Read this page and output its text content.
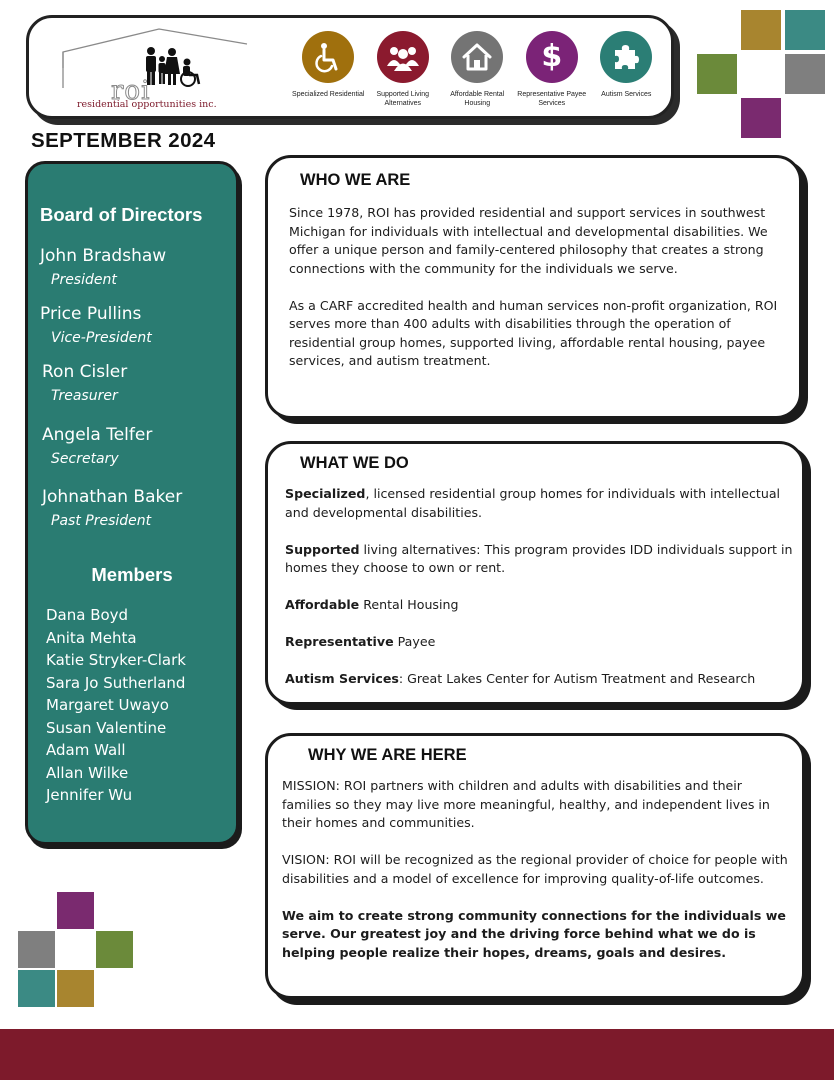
roi
residential opportunities inc.
Specialized Residential	Supported Living Alternatives
Affordable Rental Housing
$
Representative Payee Services
Autism Services
SEPTEMBER 2024
Board of Directors
John Bradshaw
President
Price Pullins
Vice-President
Ron Cisler
Treasurer
Angela Telfer
Secretary
Johnathan Baker
Past President
Members
Dana Boyd
Anita Mehta
Katie Stryker-Clark
Sara Jo Sutherland
Margaret Uwayo
Susan Valentine
Adam Wall
Allan Wilke
Jennifer Wu
WHO WE ARE

Since 1978, ROI has provided residential and support services in southwest Michigan for individuals with intellectual and developmental disabilities. We offer a unique person and family-centered philosophy that creates a strong connections with the community for the individuals we serve.

As a CARF accredited health and human services non-profit organization, ROI serves more than 400 adults with disabilities through the operation of residential group homes, supported living, affordable rental housing, payee services, and autism treatment.

WHAT WE DO

Specialized, licensed residential group homes for individuals with intellectual and developmental disabilities.

Supported living alternatives: This program provides IDD individuals support in homes they choose to own or rent.

Affordable Rental Housing

Representative Payee

Autism Services: Great Lakes Center for Autism Treatment and Research

WHY WE ARE HERE

MISSION: ROI partners with children and adults with disabilities and their families so they may live more meaningful, healthy, and independent lives in their homes and communities.

VISION: ROI will be recognized as the regional provider of choice for people with disabilities and a model of excellence for improving quality-of-life outcomes.

We aim to create strong community connections for the individuals we serve. Our greatest joy and the driving force behind what we do is helping people realize their hopes, dreams, goals and desires.
